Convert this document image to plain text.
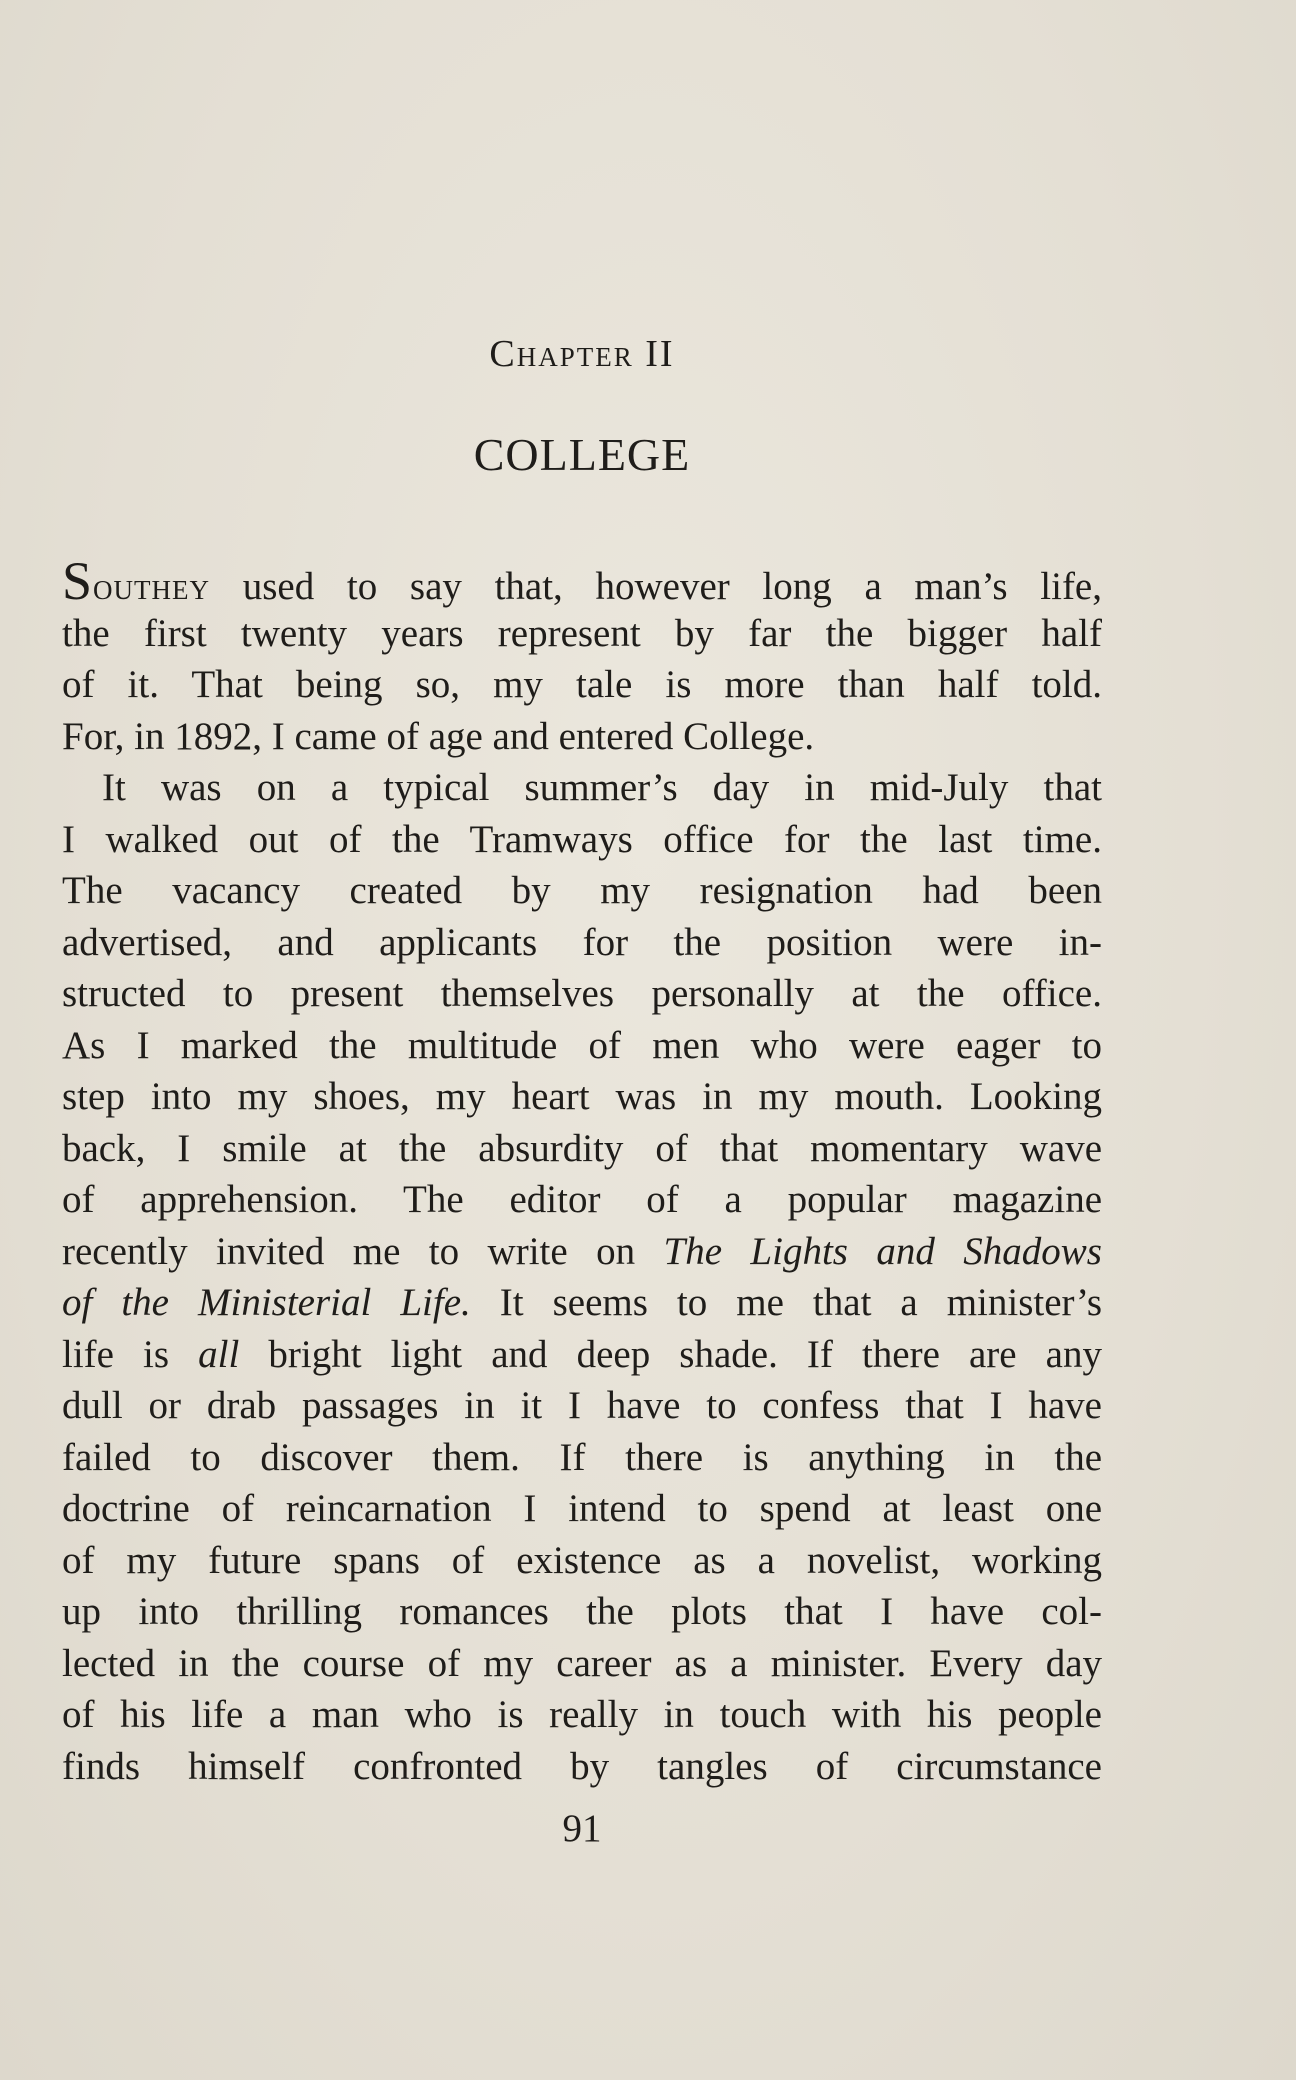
Chapter II
COLLEGE
Southey used to say that, however long a man’s life,
the first twenty years represent by far the bigger half
of it. That being so, my tale is more than half told.
For, in 1892, I came of age and entered College.
It was on a typical summer’s day in mid-July that
I walked out of the Tramways office for the last time.
The vacancy created by my resignation had been
advertised, and applicants for the position were in-
structed to present themselves personally at the office.
As I marked the multitude of men who were eager to
step into my shoes, my heart was in my mouth. Looking
back, I smile at the absurdity of that momentary wave
of apprehension. The editor of a popular magazine
recently invited me to write on The Lights and Shadows
of the Ministerial Life. It seems to me that a minister’s
life is all bright light and deep shade. If there are any
dull or drab passages in it I have to confess that I have
failed to discover them. If there is anything in the
doctrine of reincarnation I intend to spend at least one
of my future spans of existence as a novelist, working
up into thrilling romances the plots that I have col-
lected in the course of my career as a minister. Every day
of his life a man who is really in touch with his people
finds himself confronted by tangles of circumstance
91
